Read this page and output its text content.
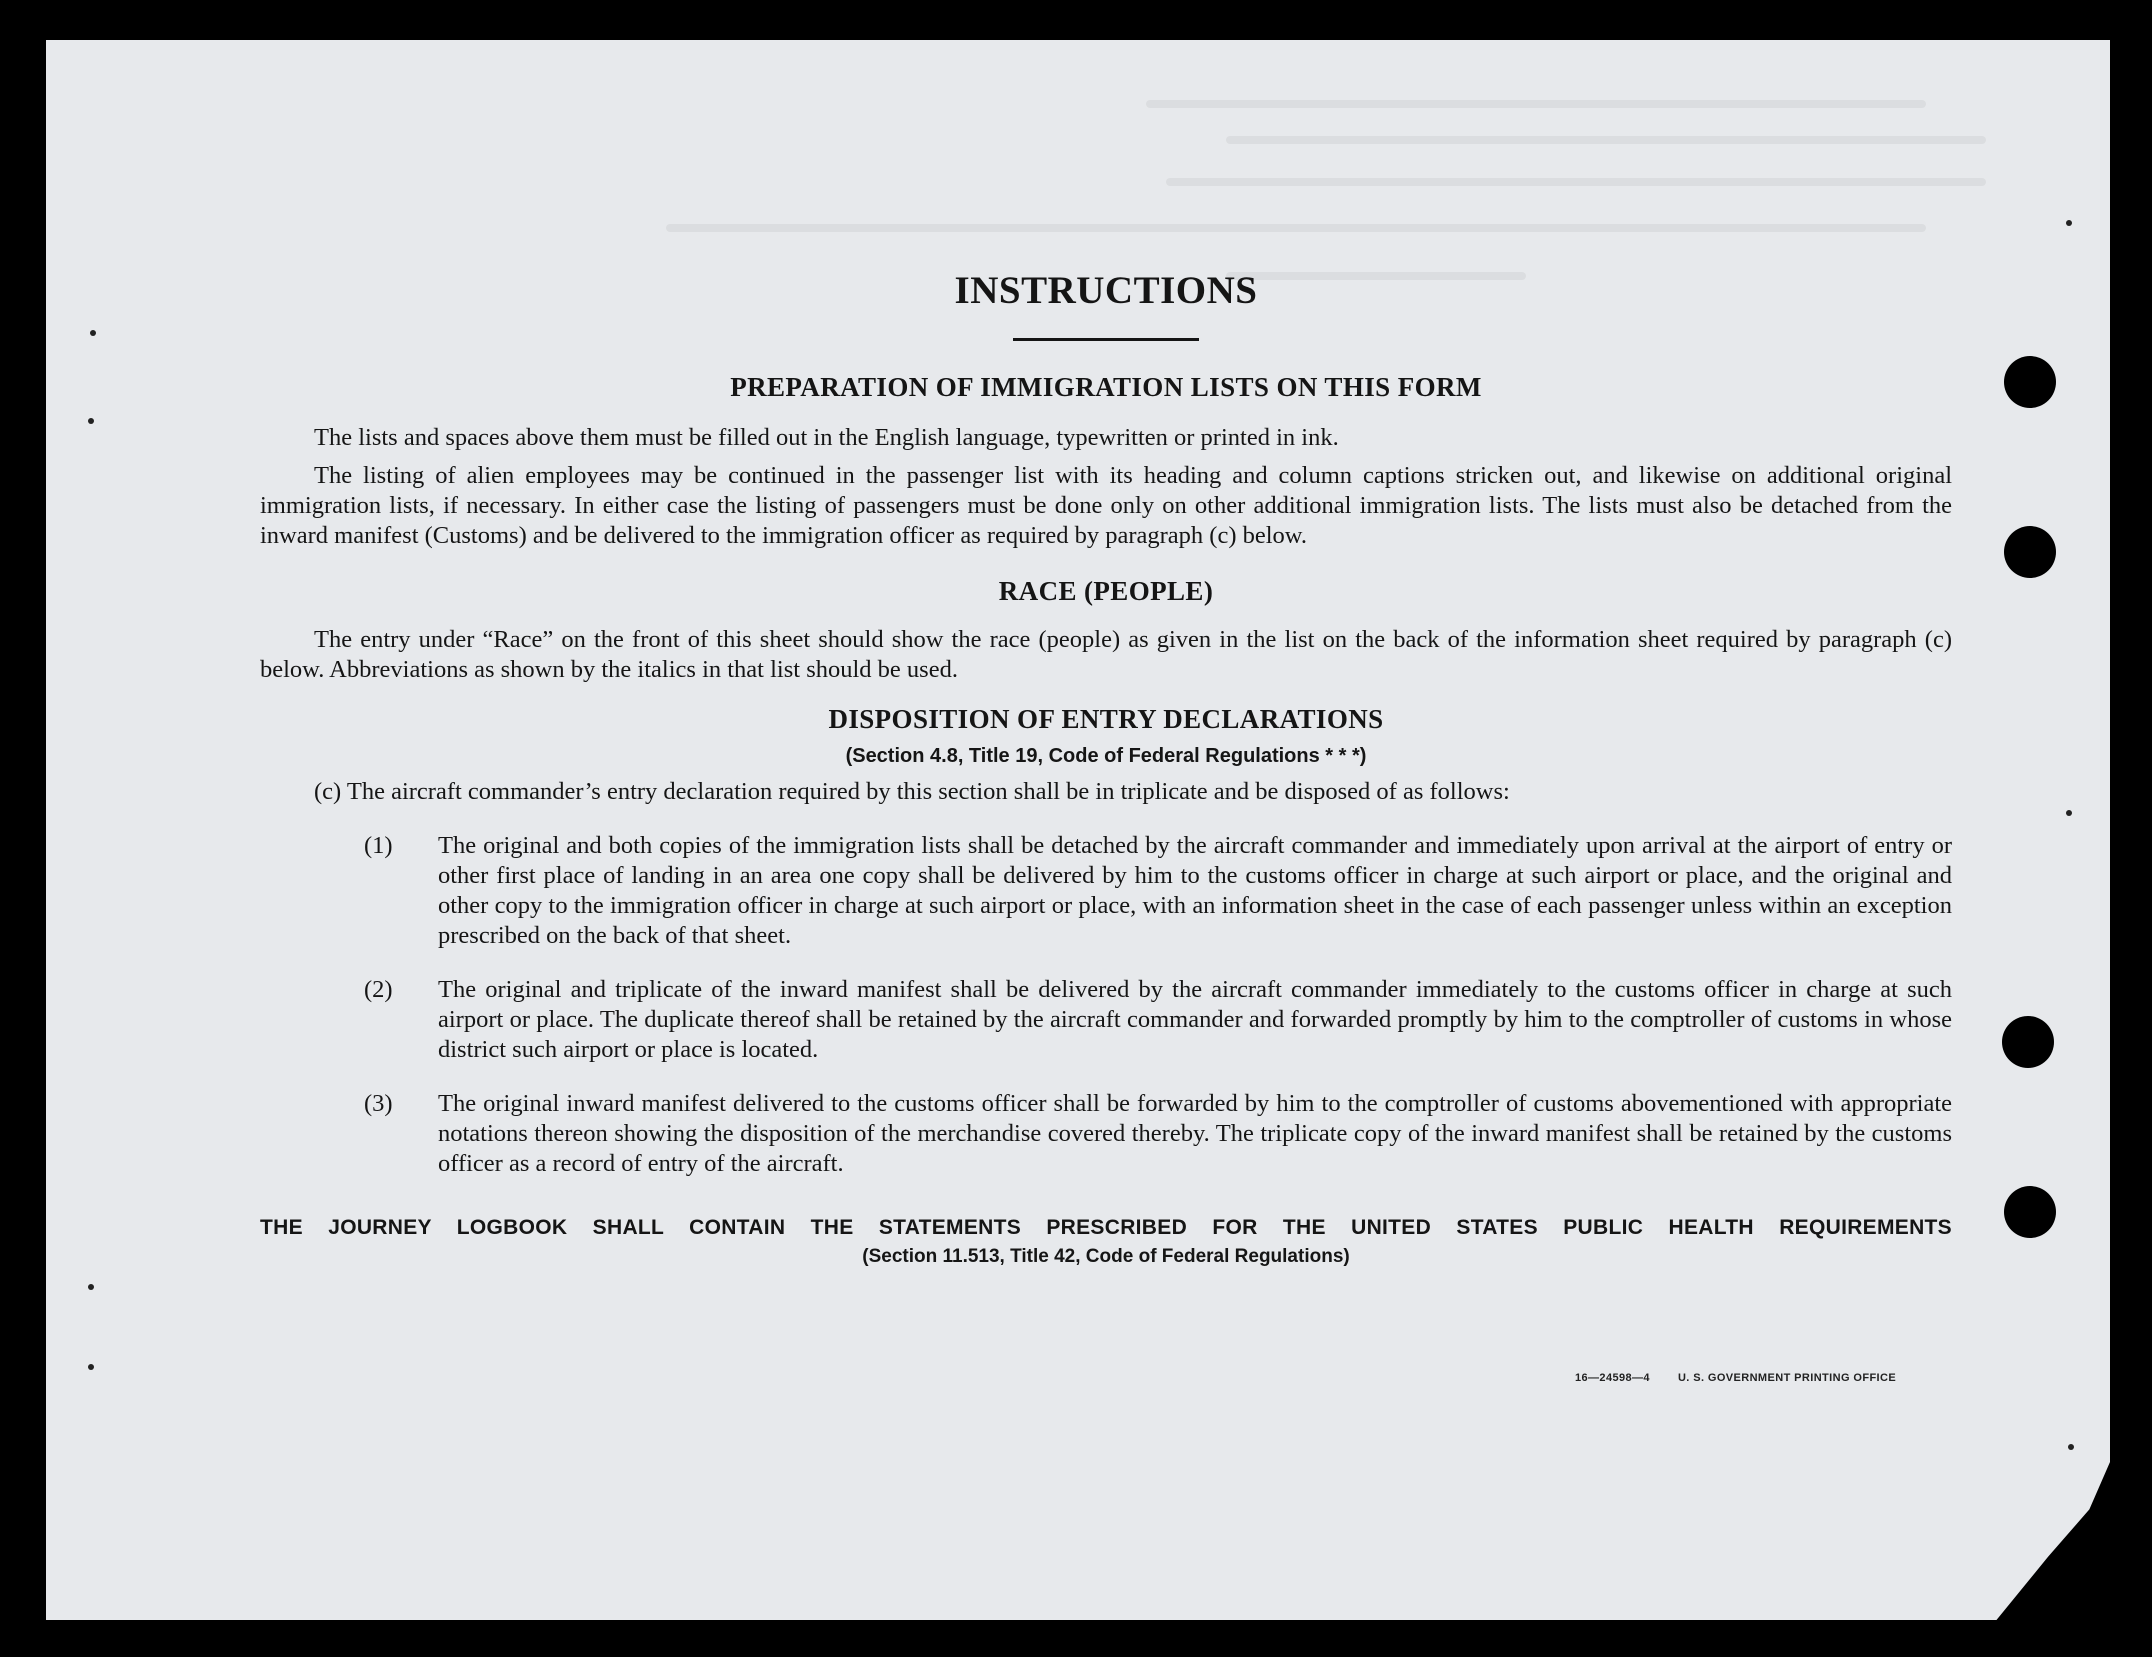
INSTRUCTIONS
PREPARATION OF IMMIGRATION LISTS ON THIS FORM

The lists and spaces above them must be filled out in the English language, typewritten or printed in ink.

The listing of alien employees may be continued in the passenger list with its heading and column captions stricken out, and likewise on additional original immigration lists, if necessary. In either case the listing of passengers must be done only on other additional immigration lists. The lists must also be detached from the inward manifest (Customs) and be delivered to the immigration officer as required by paragraph (c) below.

RACE (PEOPLE)

The entry under “Race” on the front of this sheet should show the race (people) as given in the list on the back of the information sheet required by paragraph (c) below. Abbreviations as shown by the italics in that list should be used.

DISPOSITION OF ENTRY DECLARATIONS

(Section 4.8, Title 19, Code of Federal Regulations * * *)

(c) The aircraft commander’s entry declaration required by this section shall be in triplicate and be disposed of as follows:

(1) The original and both copies of the immigration lists shall be detached by the aircraft commander and immediately upon arrival at the airport of entry or other first place of landing in an area one copy shall be delivered by him to the customs officer in charge at such airport or place, and the original and other copy to the immigration officer in charge at such airport or place, with an information sheet in the case of each passenger unless within an exception prescribed on the back of that sheet.
(2) The original and triplicate of the inward manifest shall be delivered by the aircraft commander immediately to the customs officer in charge at such airport or place. The duplicate thereof shall be retained by the aircraft commander and forwarded promptly by him to the comptroller of customs in whose district such airport or place is located.
(3) The original inward manifest delivered to the customs officer shall be forwarded by him to the comptroller of customs abovementioned with appropriate notations thereon showing the disposition of the merchandise covered thereby. The triplicate copy of the inward manifest shall be retained by the customs officer as a record of entry of the aircraft.

THE JOURNEY LOGBOOK SHALL CONTAIN THE STATEMENTS PRESCRIBED FOR THE UNITED STATES PUBLIC HEALTH REQUIREMENTS

(Section 11.513, Title 42, Code of Federal Regulations)

16—24598—4	U. S. GOVERNMENT PRINTING OFFICE
